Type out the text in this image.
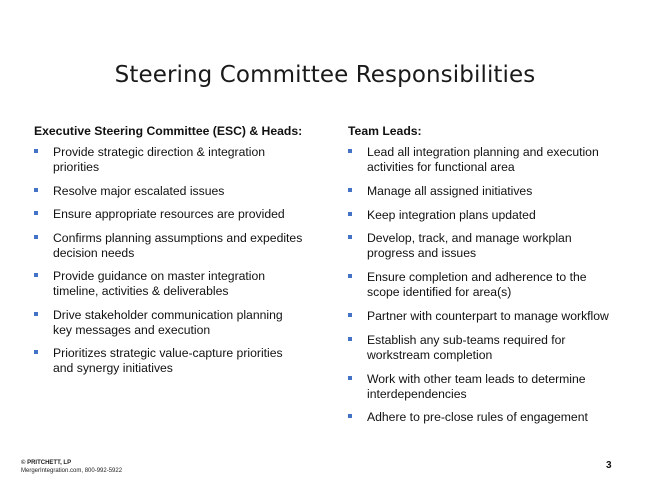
Steering Committee Responsibilities
Executive Steering Committee (ESC) & Heads:
Provide strategic direction & integration priorities
Resolve major escalated issues
Ensure appropriate resources are provided
Confirms planning assumptions and expedites decision needs
Provide guidance on master integration timeline, activities & deliverables
Drive stakeholder communication planning key messages and execution
Prioritizes strategic value-capture priorities and synergy initiatives
Team Leads:
Lead all integration planning and execution activities for functional area
Manage all assigned initiatives
Keep integration plans updated
Develop, track, and manage workplan progress and issues
Ensure completion and adherence to the scope identified for area(s)
Partner with counterpart to manage workflow
Establish any sub-teams required for workstream completion
Work with other team leads to determine interdependencies
Adhere to pre-close rules of engagement
© PRITCHETT, LP
MergerIntegration.com, 800-992-5922	3
